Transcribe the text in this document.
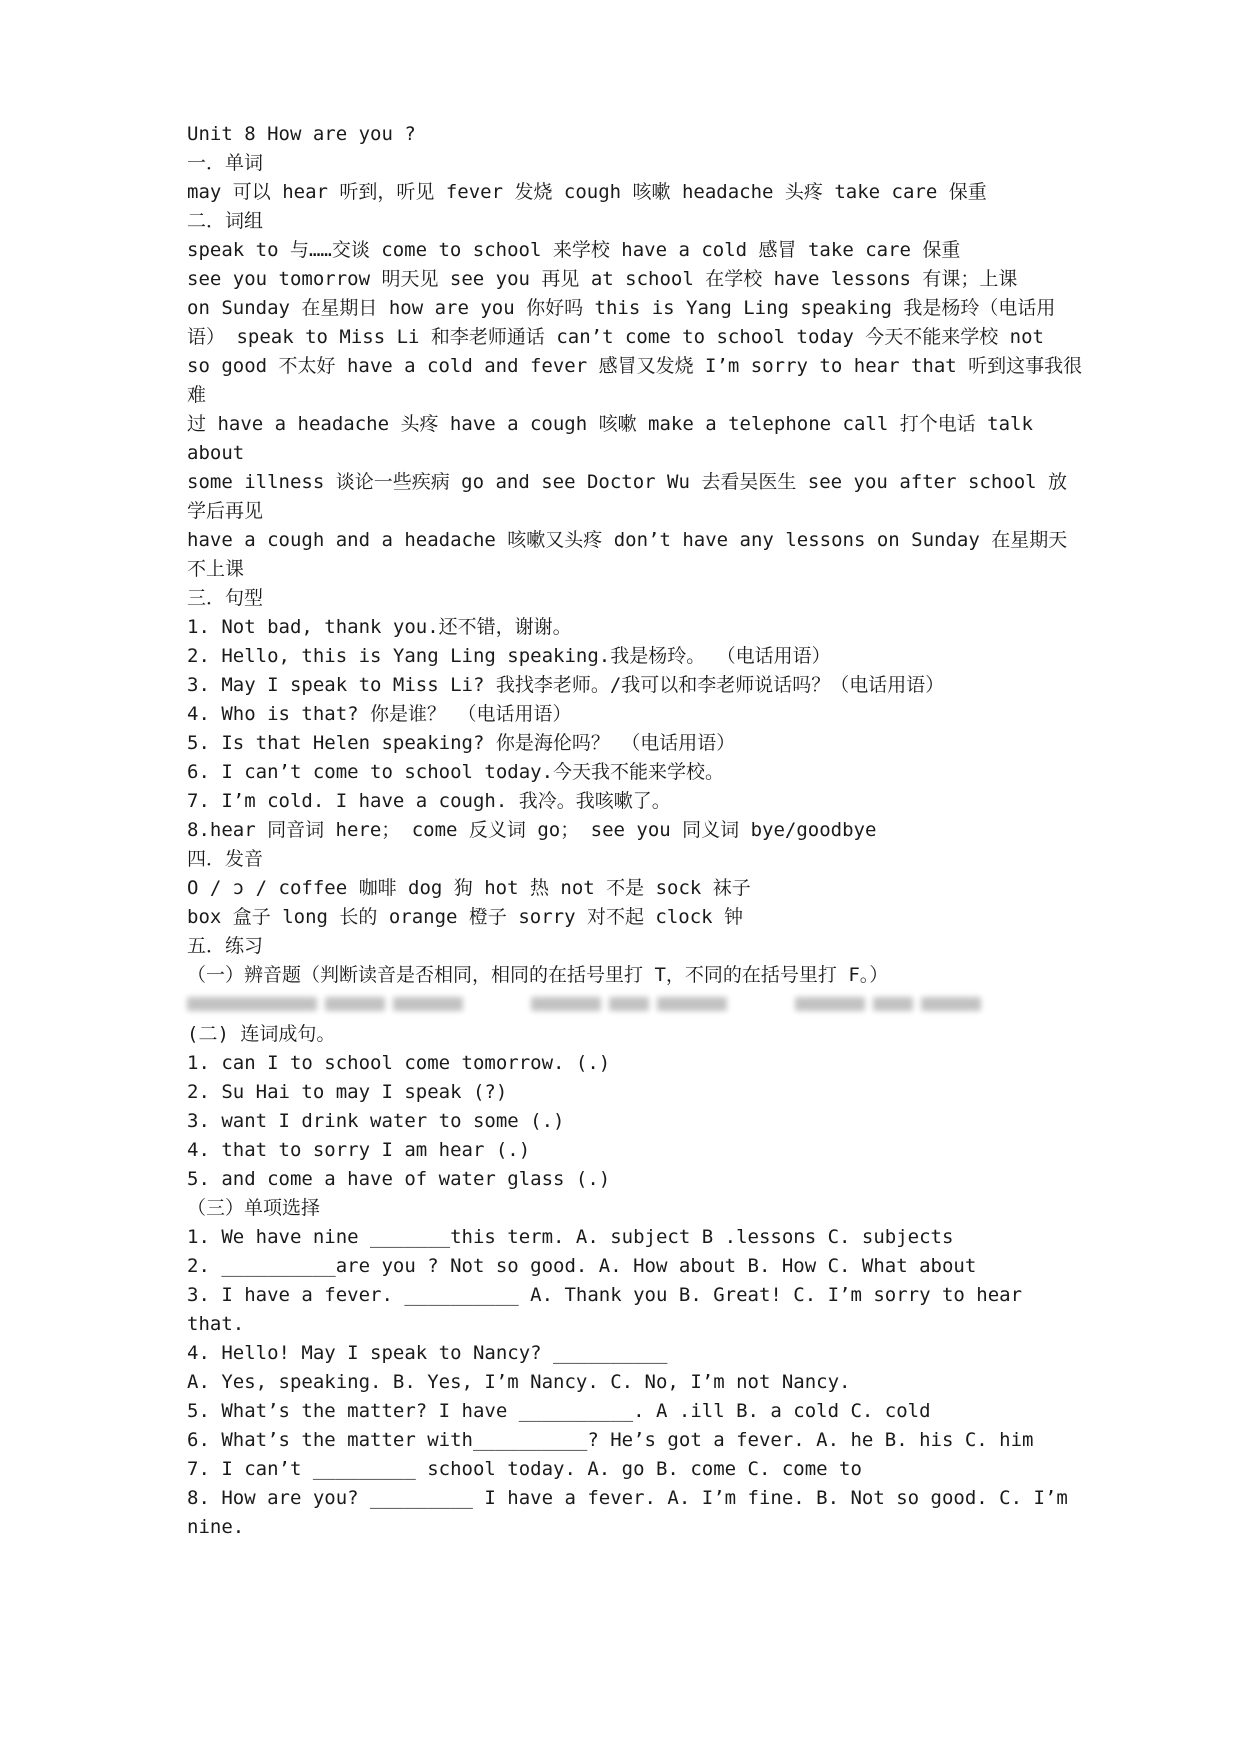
Unit 8 How are you ?

一．单词

may 可以 hear 听到，听见 fever 发烧 cough 咳嗽 headache 头疼 take care 保重

二．词组

speak to 与……交谈 come to school 来学校 have a cold 感冒 take care 保重

see you tomorrow 明天见 see you 再见 at school 在学校 have lessons 有课；上课

on Sunday 在星期日 how are you 你好吗 this is Yang Ling speaking 我是杨玲（电话用

语） speak to Miss Li 和李老师通话 can’t come to school today 今天不能来学校 not

so good 不太好 have a cold and fever 感冒又发烧 I’m sorry to hear that 听到这事我很难

过 have a headache 头疼 have a cough 咳嗽 make a telephone call 打个电话 talk about

some illness 谈论一些疾病 go and see Doctor Wu 去看吴医生 see you after school 放

学后再见

have a cough and a headache 咳嗽又头疼 don’t have any lessons on Sunday 在星期天

不上课

三．句型

1. Not bad, thank you.还不错，谢谢。

2. Hello, this is Yang Ling speaking.我是杨玲。 （电话用语）

3. May I speak to Miss Li? 我找李老师。/我可以和李老师说话吗？（电话用语）

4. Who is that? 你是谁？ （电话用语）

5. Is that Helen speaking? 你是海伦吗？ （电话用语）

6. I can’t come to school today.今天我不能来学校。

7. I’m cold. I have a cough. 我冷。我咳嗽了。

8.hear 同音词 here； come 反义词 go； see you 同义词 bye/goodbye

四．发音

O / ɔ / coffee 咖啡 dog 狗 hot 热 not 不是 sock 袜子

box 盒子 long 长的 orange 橙子 sorry 对不起 clock 钟

五．练习

（一）辨音题（判断读音是否相同，相同的在括号里打 T，不同的在括号里打 F。）

(二) 连词成句。

1. can I to school come tomorrow. (.)

2. Su Hai to may I speak (?)

3. want I drink water to some (.)

4. that to sorry I am hear (.)

5. and come a have of water glass (.)

（三）单项选择

1. We have nine _______this term. A. subject B .lessons C. subjects

2. __________are you ? Not so good. A. How about B. How C. What about

3. I have a fever. __________ A. Thank you B. Great! C. I’m sorry to hear that.

4. Hello! May I speak to Nancy? __________

A. Yes, speaking. B. Yes, I’m Nancy. C. No, I’m not Nancy.

5. What’s the matter? I have __________. A .ill B. a cold C. cold

6. What’s the matter with__________? He’s got a fever. A. he B. his C. him

7. I can’t _________ school today. A. go B. come C. come to

8. How are you? _________ I have a fever. A. I’m fine. B. Not so good. C. I’m nine.
